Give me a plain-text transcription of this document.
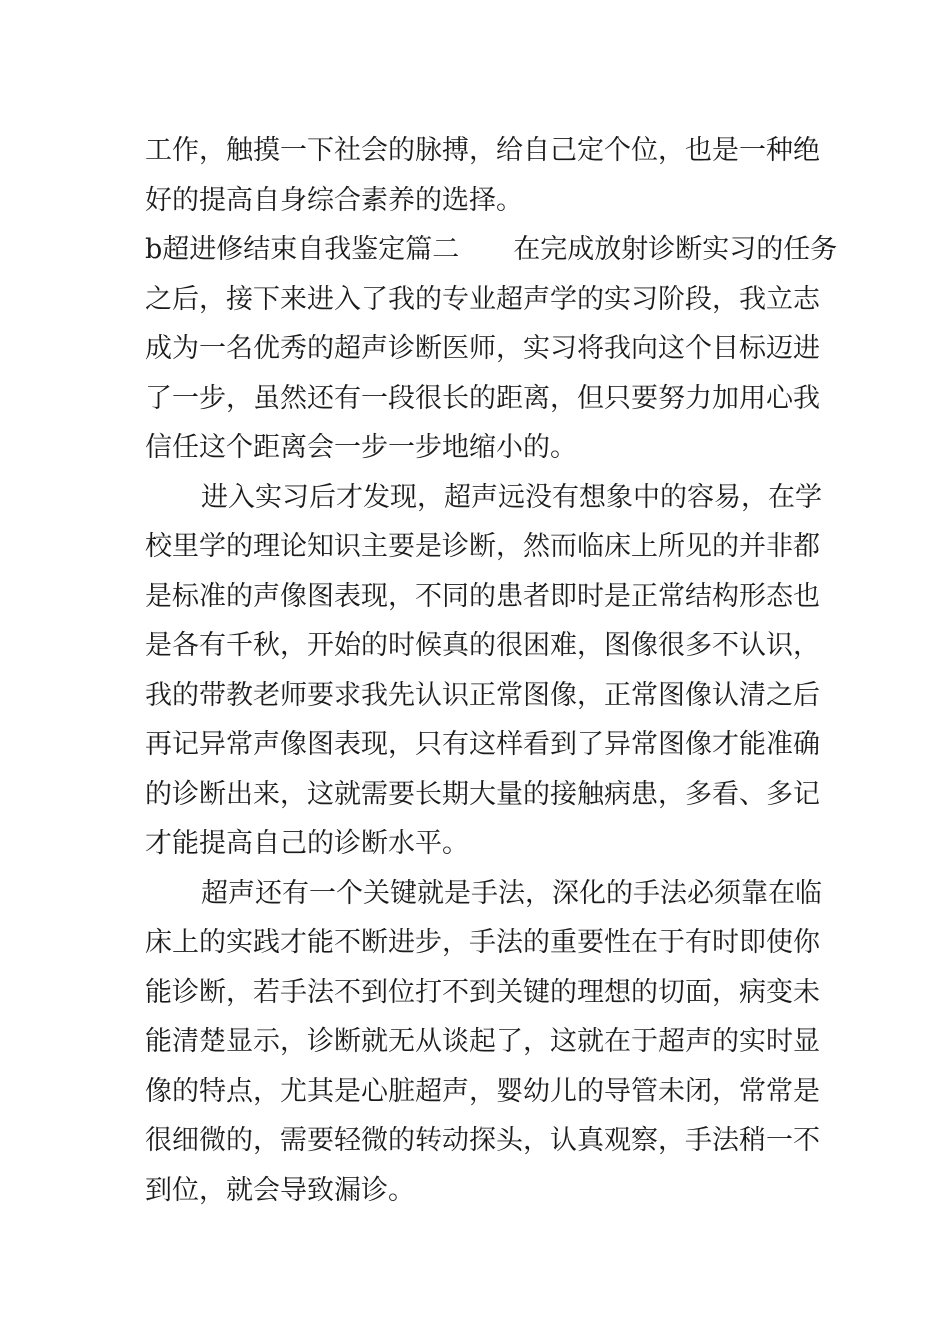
工作，触摸一下社会的脉搏，给自己定个位，也是一种绝
好的提高自身综合素养的选择。
b超进修结束自我鉴定篇二 在完成放射诊断实习的任务
之后，接下来进入了我的专业超声学的实习阶段，我立志
成为一名优秀的超声诊断医师，实习将我向这个目标迈进
了一步，虽然还有一段很长的距离，但只要努力加用心我
信任这个距离会一步一步地缩小的。
进入实习后才发现，超声远没有想象中的容易，在学
校里学的理论知识主要是诊断，然而临床上所见的并非都
是标准的声像图表现，不同的患者即时是正常结构形态也
是各有千秋，开始的时候真的很困难，图像很多不认识，
我的带教老师要求我先认识正常图像，正常图像认清之后
再记异常声像图表现，只有这样看到了异常图像才能准确
的诊断出来，这就需要长期大量的接触病患，多看、多记
才能提高自己的诊断水平。
超声还有一个关键就是手法，深化的手法必须靠在临
床上的实践才能不断进步，手法的重要性在于有时即使你
能诊断，若手法不到位打不到关键的理想的切面，病变未
能清楚显示，诊断就无从谈起了，这就在于超声的实时显
像的特点，尤其是心脏超声，婴幼儿的导管未闭，常常是
很细微的，需要轻微的转动探头，认真观察，手法稍一不
到位，就会导致漏诊。
